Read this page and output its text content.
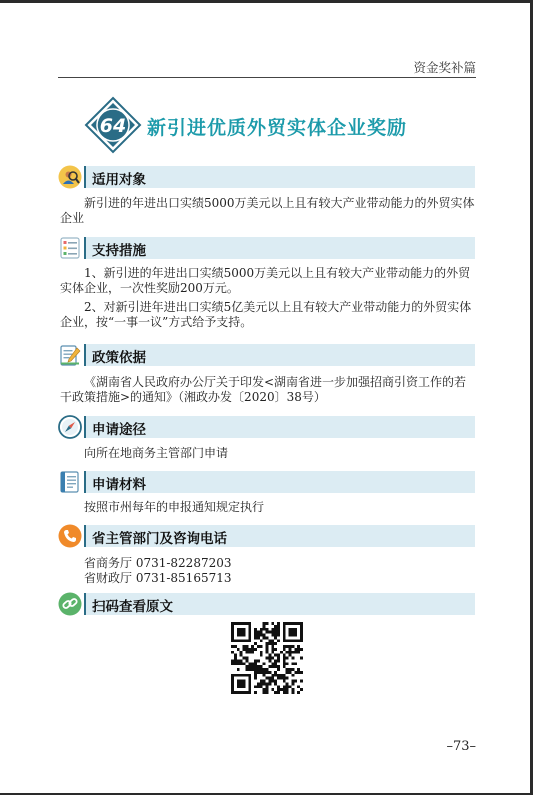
资金奖补篇
64 新引进优质外贸实体企业奖励
适用对象
新引进的年进出口实绩5000万美元以上且有较大产业带动能力的外贸实体企业
支持措施
1、新引进的年进出口实绩5000万美元以上且有较大产业带动能力的外贸实体企业，一次性奖励200万元。
2、对新引进年进出口实绩5亿美元以上且有较大产业带动能力的外贸实体企业，按“一事一议”方式给予支持。
政策依据
《湖南省人民政府办公厅关于印发<湖南省进一步加强招商引资工作的若干政策措施>的通知》（湘政办发〔2020〕38号）
申请途径
向所在地商务主管部门申请
申请材料
按照市州每年的申报通知规定执行
省主管部门及咨询电话
省商务厅 0731-82287203
省财政厅 0731-85165713
扫码查看原文
–73–
